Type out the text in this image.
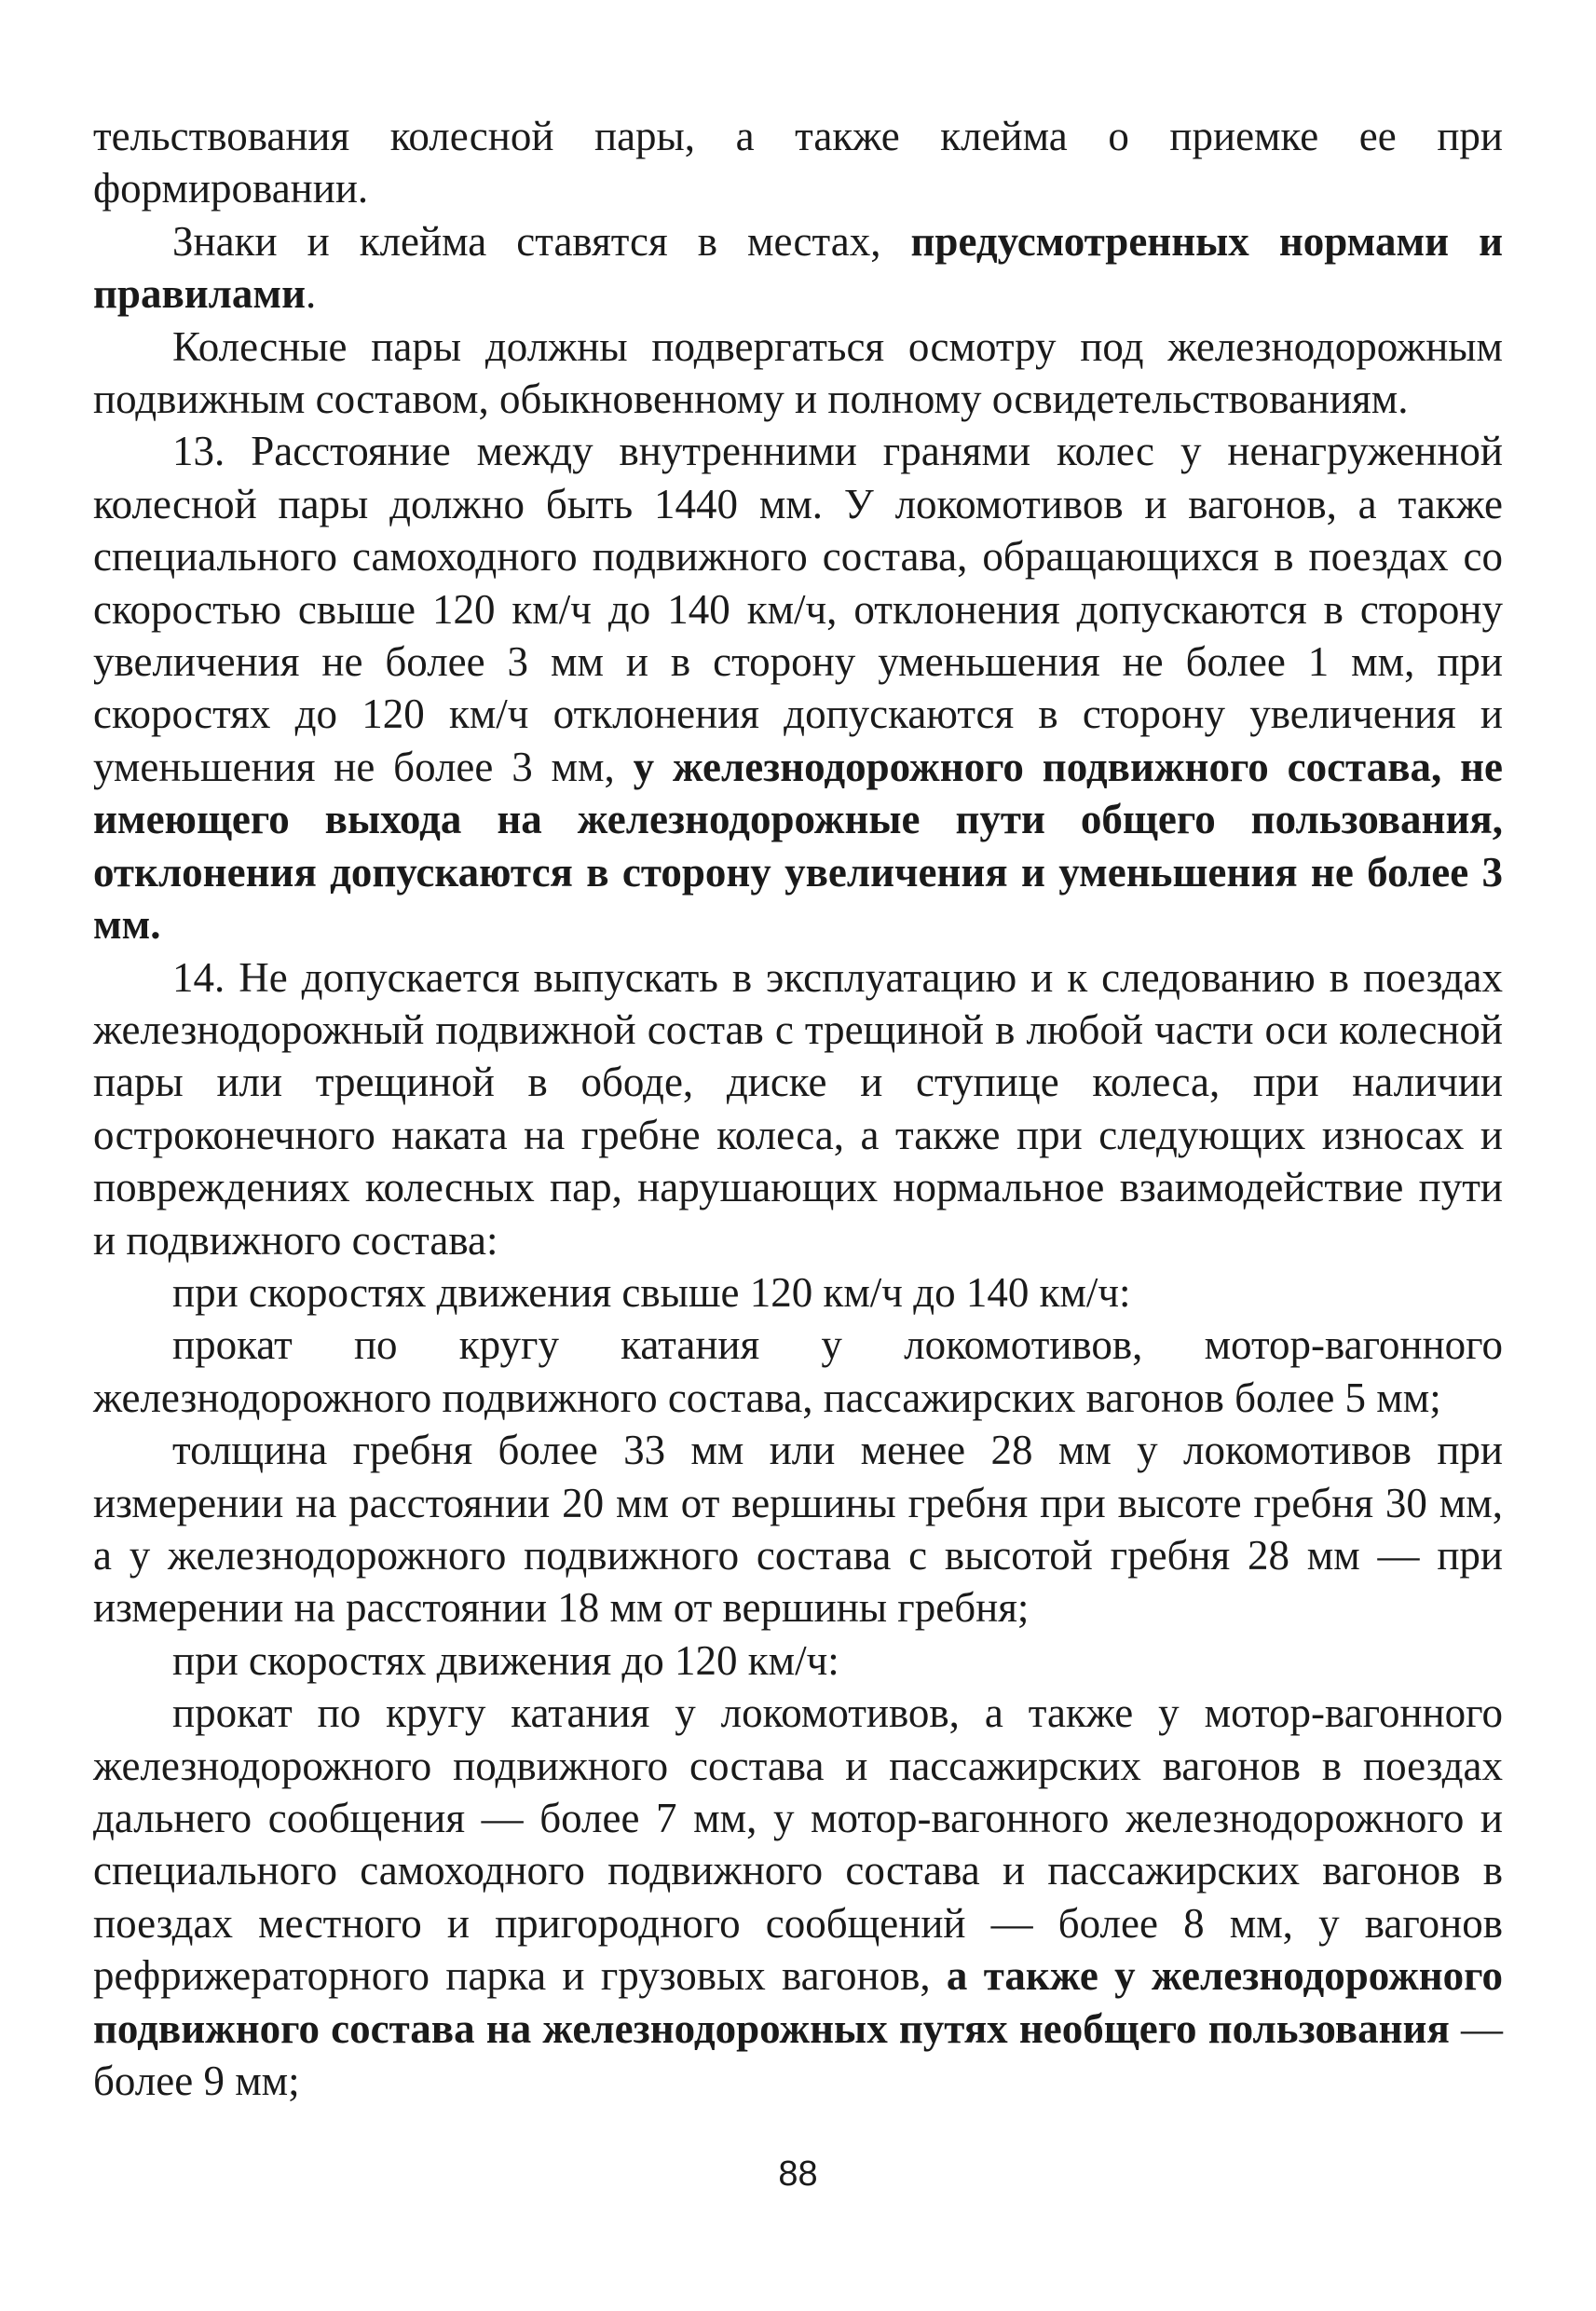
тельствования колесной пары, а также клейма о приемке ее при формировании.

Знаки и клейма ставятся в местах, предусмотренных нормами и правилами.

Колесные пары должны подвергаться осмотру под железнодорожным подвижным составом, обыкновенному и полному освидетельствованиям.

13. Расстояние между внутренними гранями колес у ненагруженной колесной пары должно быть 1440 мм. У локомотивов и вагонов, а также специального самоходного подвижного состава, обращающихся в поездах со скоростью свыше 120 км/ч до 140 км/ч, отклонения допускаются в сторону увеличения не более 3 мм и в сторону уменьшения не более 1 мм, при скоростях до 120 км/ч отклонения допускаются в сторону увеличения и уменьшения не более 3 мм, у железнодорожного подвижного состава, не имеющего выхода на железнодорожные пути общего пользования, отклонения допускаются в сторону увеличения и уменьшения не более 3 мм.

14. Не допускается выпускать в эксплуатацию и к следованию в поездах железнодорожный подвижной состав с трещиной в любой части оси колесной пары или трещиной в ободе, диске и ступице колеса, при наличии остроконечного наката на гребне колеса, а также при следующих износах и повреждениях колесных пар, нарушающих нормальное взаимодействие пути и подвижного состава:

при скоростях движения свыше 120 км/ч до 140 км/ч:

прокат по кругу катания у локомотивов, мотор-вагонного железнодорожного подвижного состава, пассажирских вагонов более 5 мм;

толщина гребня более 33 мм или менее 28 мм у локомотивов при измерении на расстоянии 20 мм от вершины гребня при высоте гребня 30 мм, а у железнодорожного подвижного состава с высотой гребня 28 мм — при измерении на расстоянии 18 мм от вершины гребня;

при скоростях движения до 120 км/ч:

прокат по кругу катания у локомотивов, а также у мотор-вагонного железнодорожного подвижного состава и пассажирских вагонов в поездах дальнего сообщения — более 7 мм, у мотор-вагонного железнодорожного и специального самоходного подвижного состава и пассажирских вагонов в поездах местного и пригородного сообщений — более 8 мм, у вагонов рефрижераторного парка и грузовых вагонов, а также у железнодорожного подвижного состава на железнодорожных путях необщего пользования — более 9 мм;

88
